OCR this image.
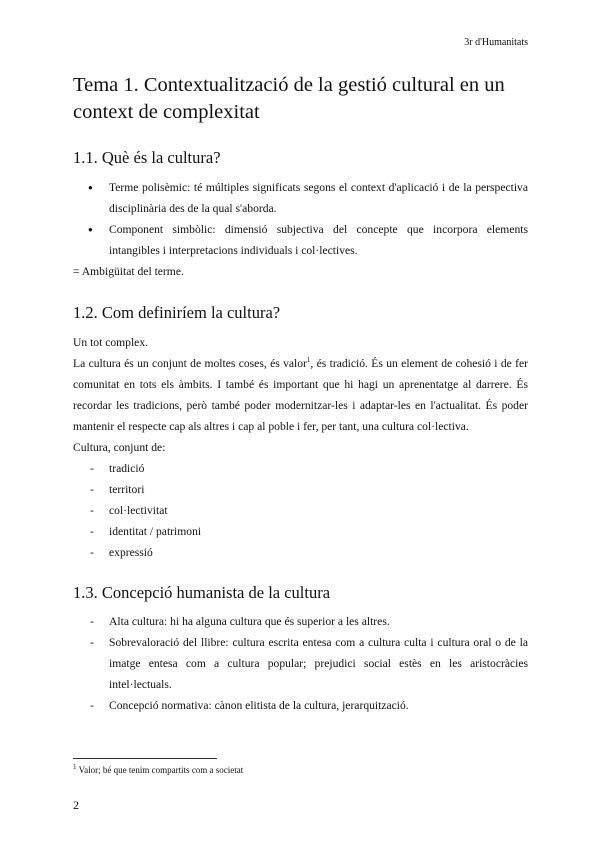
3r d'Humanitats
Tema 1. Contextualització de la gestió cultural en un context de complexitat
1.1. Què és la cultura?
● Terme polisèmic: té múltiples significats segons el context d'aplicació i de la perspectiva disciplinària des de la qual s'aborda.
● Component simbòlic: dimensió subjectiva del concepte que incorpora elements intangibles i interpretacions individuals i col·lectives.

= Ambigüitat del terme.

1.2. Com definiríem la cultura?

Un tot complex.

La cultura és un conjunt de moltes coses, és valor$^1$, és tradició. És un element de cohesió i de fer comunitat en tots els àmbits. I també és important que hi hagi un aprenentatge al darrere. És recordar les tradicions, però també poder modernitzar-les i adaptar-les en l'actualitat. És poder mantenir el respecte cap als altres i cap al poble i fer, per tant, una cultura col·lectiva.

Cultura, conjunt de:

- tradició
- territori
- col·lectivitat
- identitat / patrimoni
- expressió
1.3. Concepció humanista de la cultura
- Alta cultura: hi ha alguna cultura que és superior a les altres.
- Sobrevaloració del llibre: cultura escrita entesa com a cultura culta i cultura oral o de la imatge entesa com a cultura popular; prejudici social estès en les aristocràcies intel·lectuals.
- Concepció normativa: cànon elitista de la cultura, jerarquització.
$^1$ Valor; bé que tenim compartits com a societat
2
